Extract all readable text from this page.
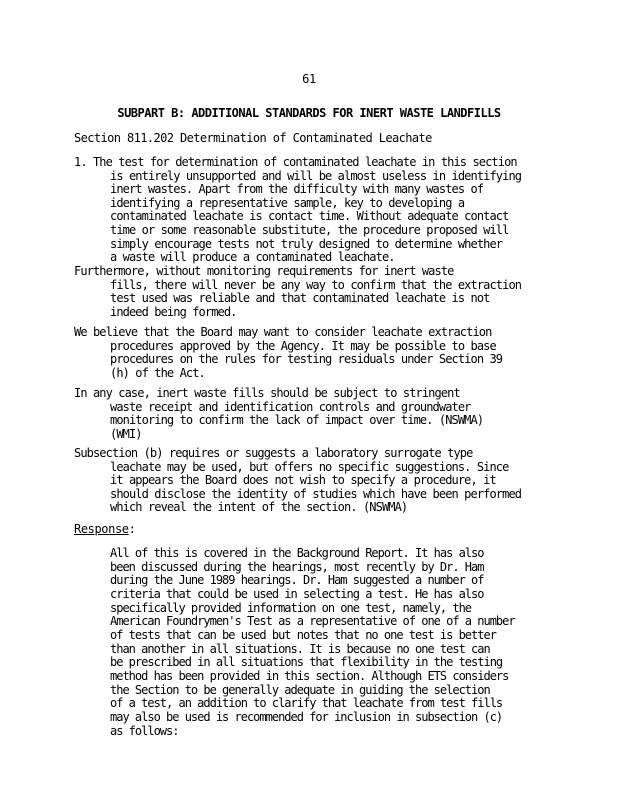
61
SUBPART B: ADDITIONAL STANDARDS FOR INERT WASTE LANDFILLS
Section 811.202 Determination of Contaminated Leachate
1. The test for determination of contaminated leachate in this section
is entirely unsupported and will be almost useless in identifying
inert wastes. Apart from the difficulty with many wastes of
identifying a representative sample, key to developing a
contaminated leachate is contact time. Without adequate contact
time or some reasonable substitute, the procedure proposed will
simply encourage tests not truly designed to determine whether
a waste will produce a contaminated leachate.
Furthermore, without monitoring requirements for inert waste
fills, there will never be any way to confirm that the extraction
test used was reliable and that contaminated leachate is not
indeed being formed.
We believe that the Board may want to consider leachate extraction
procedures approved by the Agency. It may be possible to base
procedures on the rules for testing residuals under Section 39
(h) of the Act.
In any case, inert waste fills should be subject to stringent
waste receipt and identification controls and groundwater
monitoring to confirm the lack of impact over time. (NSWMA)
(WMI)
Subsection (b) requires or suggests a laboratory surrogate type
leachate may be used, but offers no specific suggestions. Since
it appears the Board does not wish to specify a procedure, it
should disclose the identity of studies which have been performed
which reveal the intent of the section. (NSWMA)
Response:
All of this is covered in the Background Report. It has also
been discussed during the hearings, most recently by Dr. Ham
during the June 1989 hearings. Dr. Ham suggested a number of
criteria that could be used in selecting a test. He has also
specifically provided information on one test, namely, the
American Foundrymen's Test as a representative of one of a number
of tests that can be used but notes that no one test is better
than another in all situations. It is because no one test can
be prescribed in all situations that flexibility in the testing
method has been provided in this section. Although ETS considers
the Section to be generally adequate in guiding the selection
of a test, an addition to clarify that leachate from test fills
may also be used is recommended for inclusion in subsection (c)
as follows:
